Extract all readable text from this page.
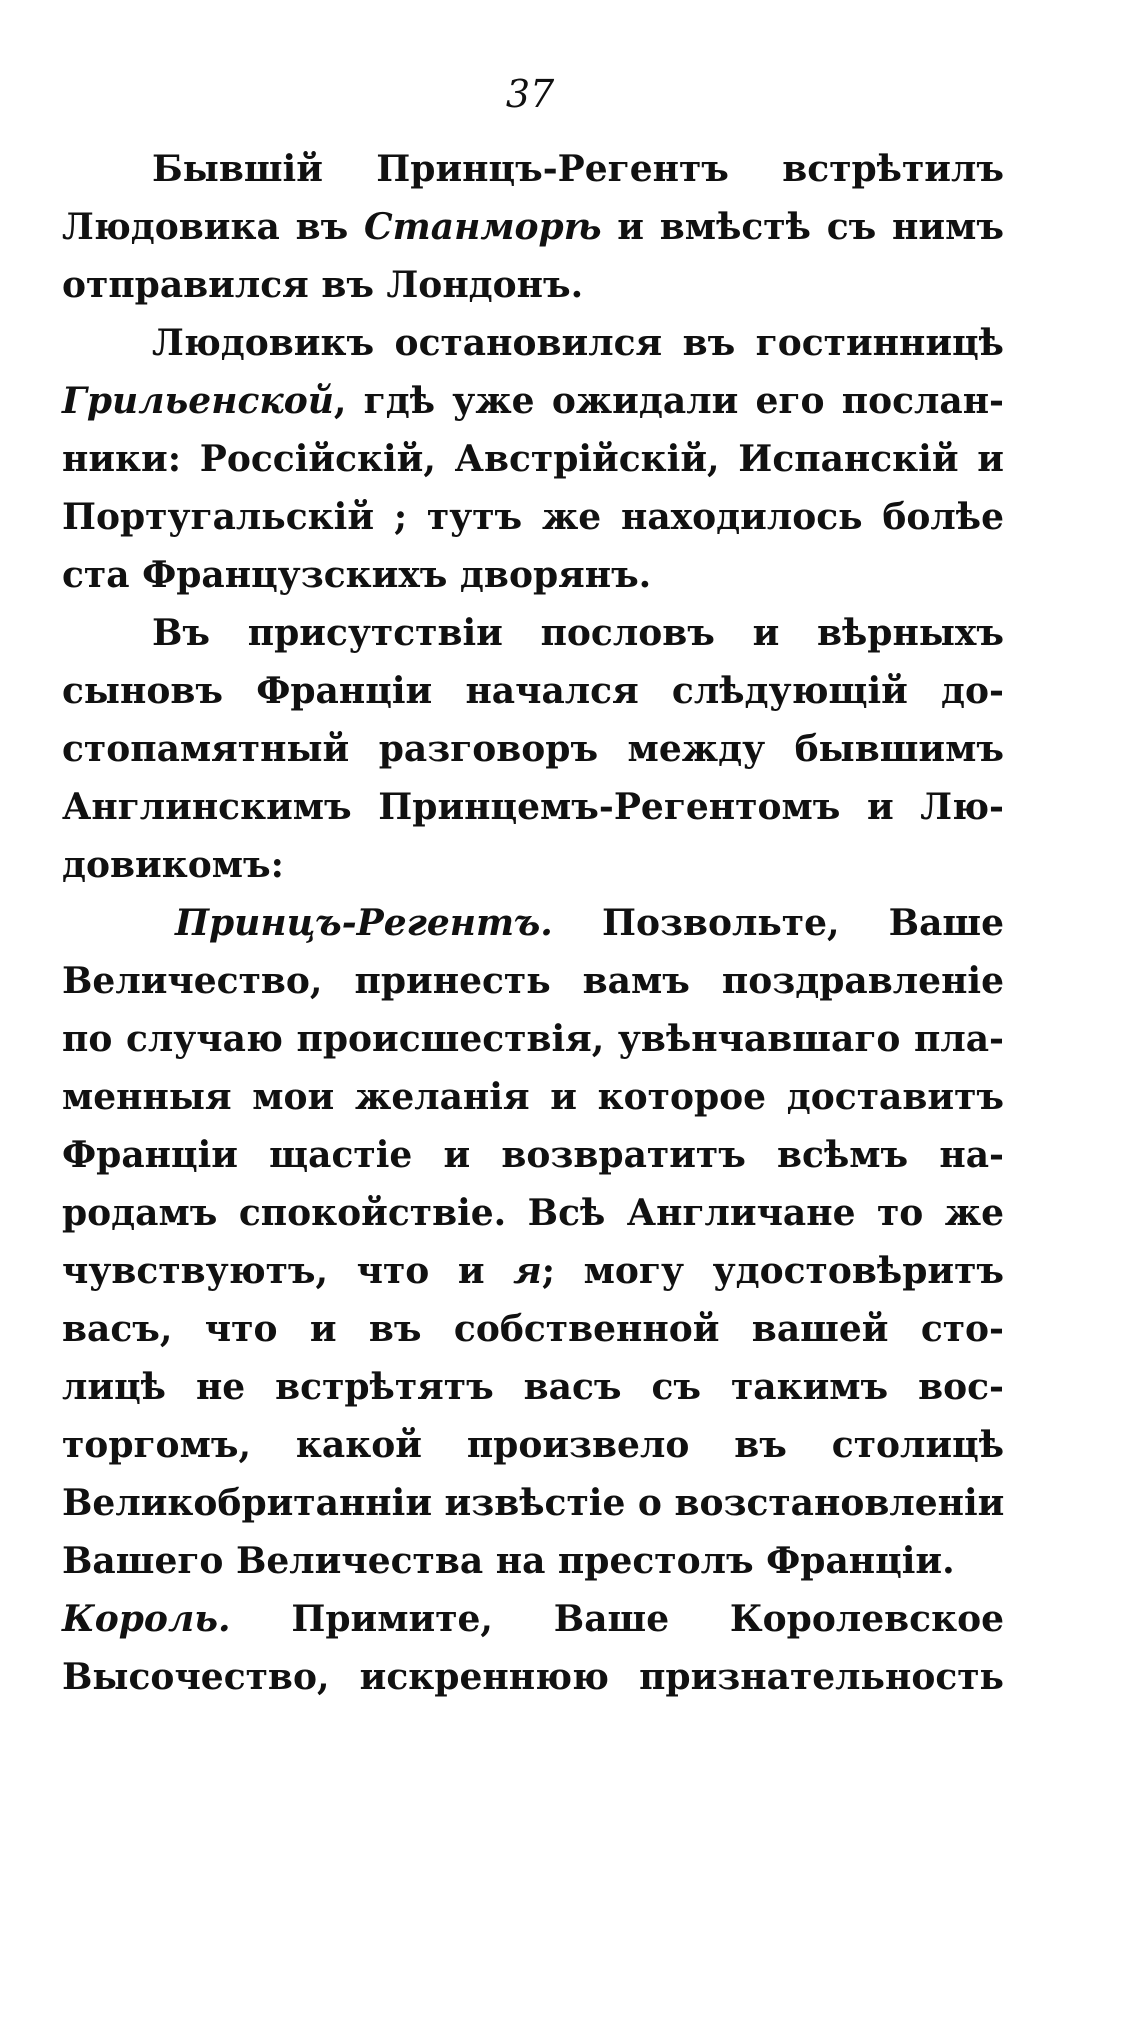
37
Бывшій Принцъ-Регентъ встрѣтилъ
Людовика въ Станморѣ и вмѣстѣ съ нимъ
отправился въ Лондонъ.
Людовикъ остановился въ гостинницѣ
Грильенской, гдѣ уже ожидали его послан-
ники: Россійскій, Австрійскій, Испанскій и
Португальскій ; тутъ же находилось болѣе
ста Французскихъ дворянъ.
Въ присутствіи пословъ и вѣрныхъ
сыновъ Франціи начался слѣдующій до-
стопамятный разговоръ между бывшимъ
Англинскимъ Принцемъ-Регентомъ и Лю-
довикомъ:
Принцъ-Регентъ. Позвольте, Ваше
Величество, принесть вамъ поздравленіе
по случаю происшествія, увѣнчавшаго пла-
менныя мои желанія и которое доставитъ
Франціи щастіе и возвратитъ всѣмъ на-
родамъ спокойствіе. Всѣ Англичане то же
чувствуютъ, что и я; могу удостовѣритъ
васъ, что и въ собственной вашей сто-
лицѣ не встрѣтятъ васъ съ такимъ вос-
торгомъ, какой произвело въ столицѣ
Великобританніи извѣстіе о возстановленіи
Вашего Величества на престолъ Франціи.
Король. Примите, Ваше Королевское
Высочество, искреннюю признательность
